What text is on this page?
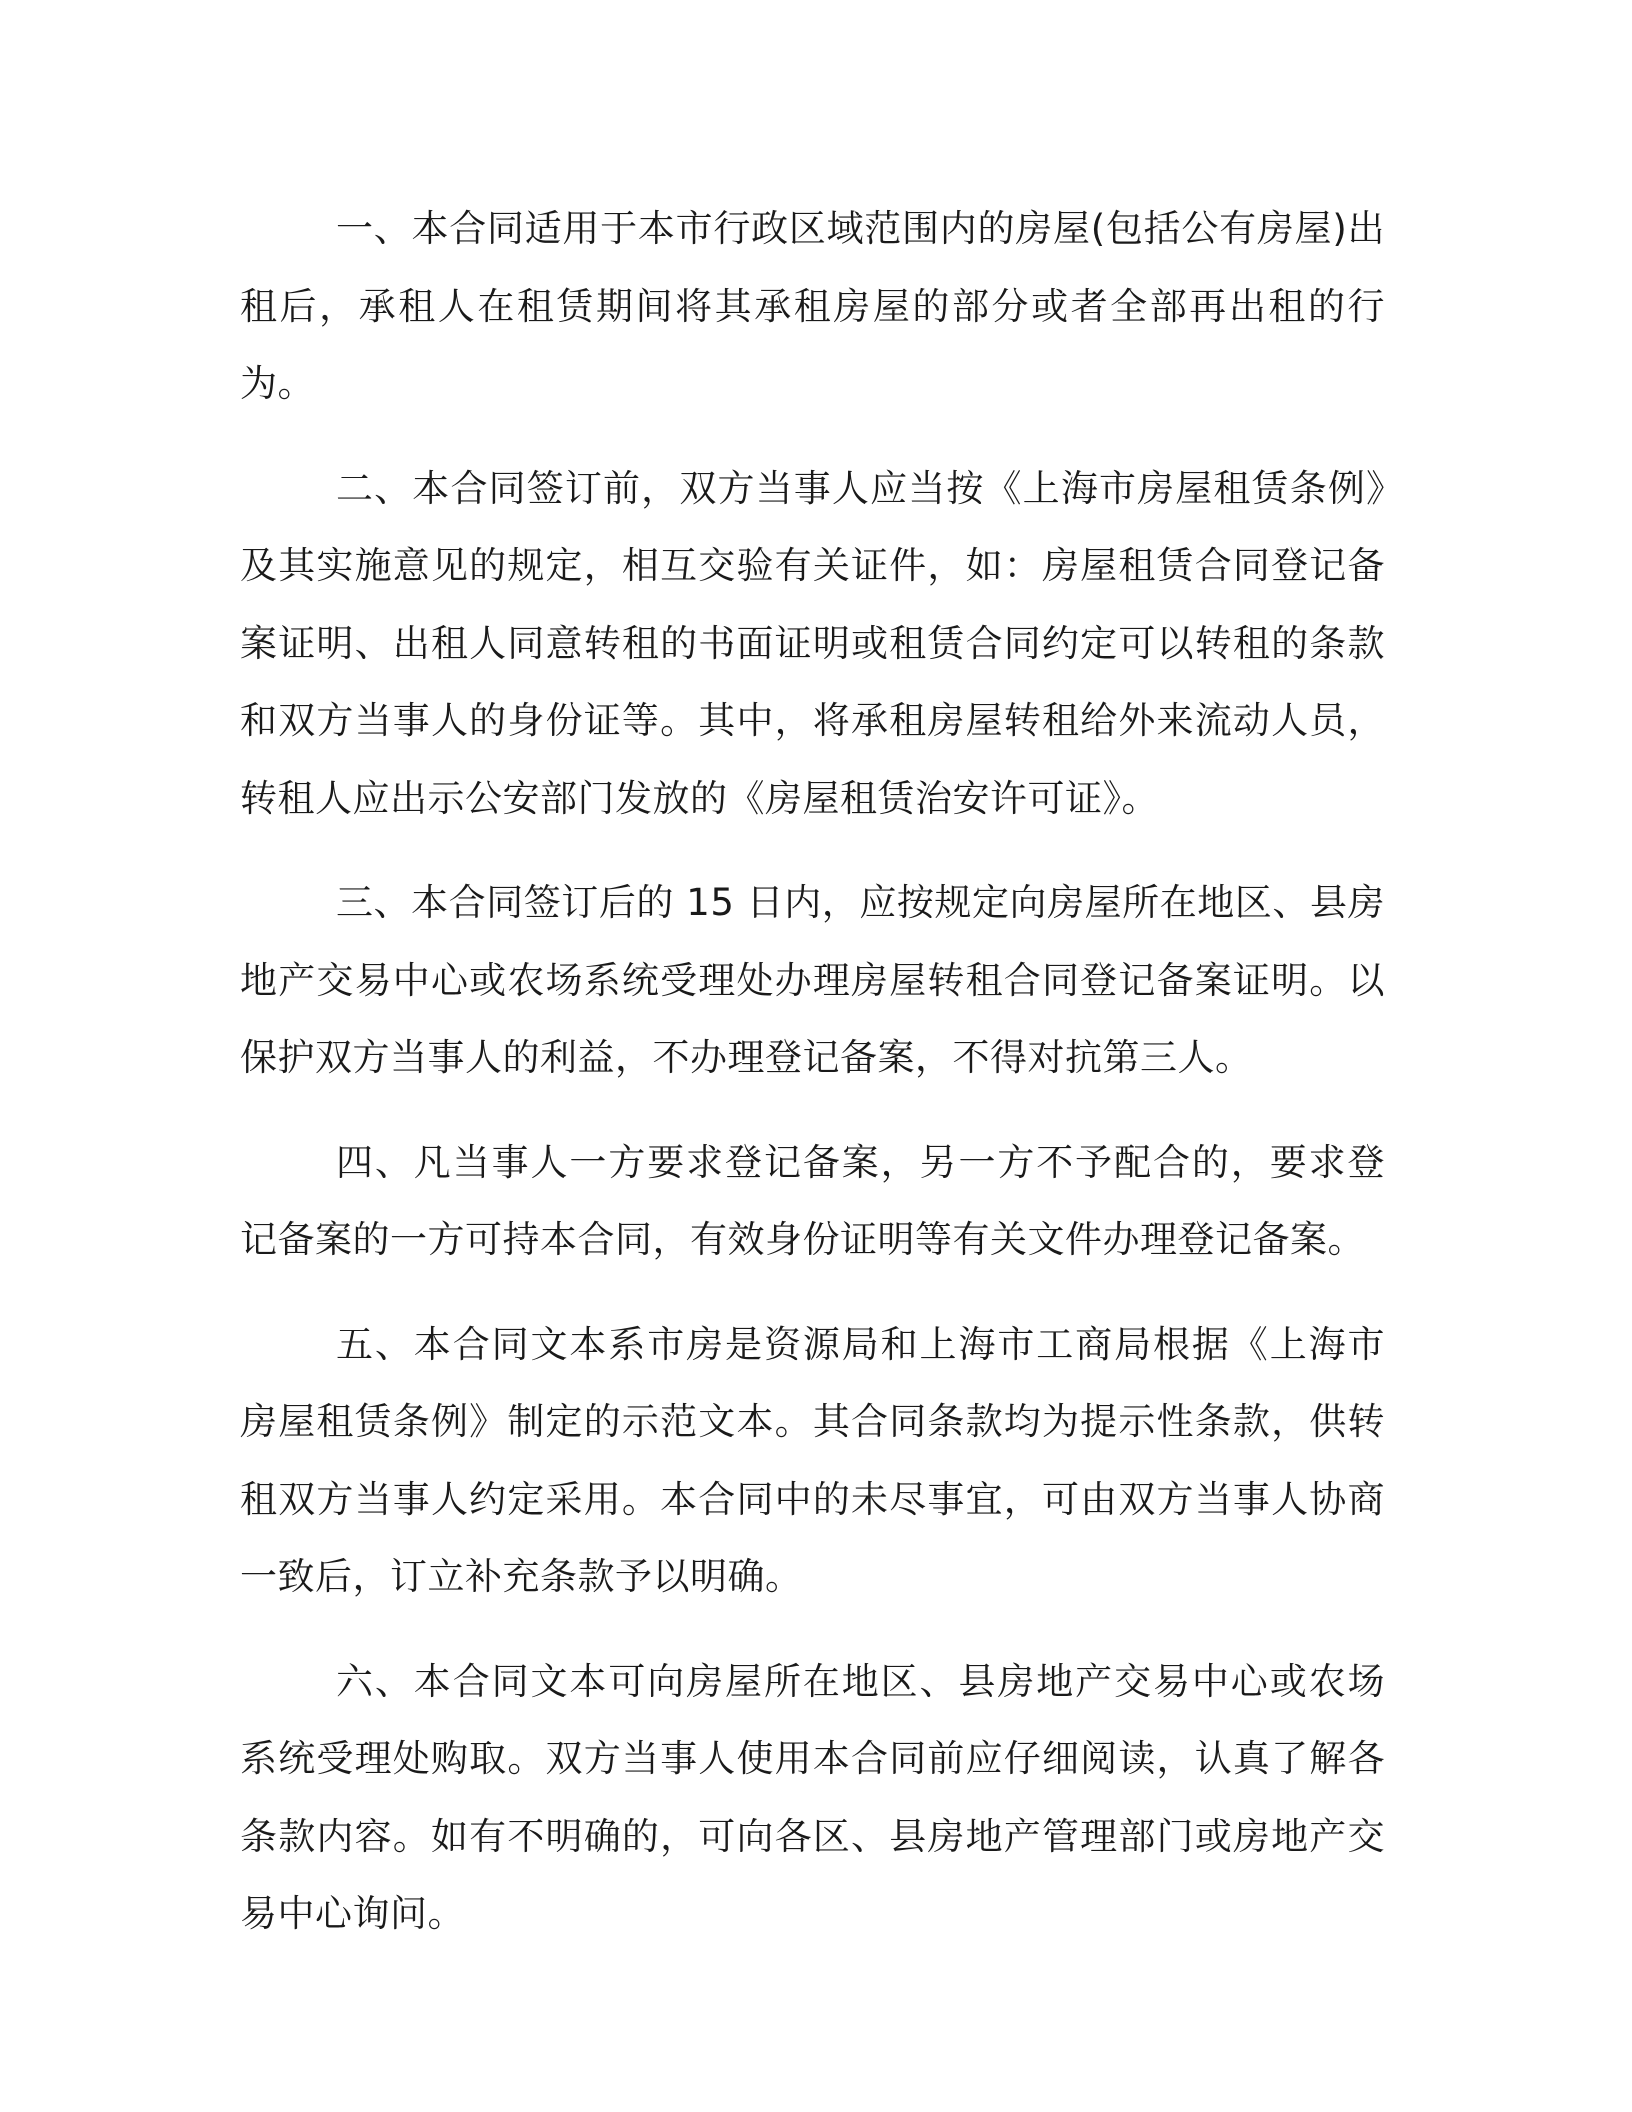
一、本合同适用于本市行政区域范围内的房屋(包括公有房屋)出租后，承租人在租赁期间将其承租房屋的部分或者全部再出租的行为。

二、本合同签订前，双方当事人应当按《上海市房屋租赁条例》及其实施意见的规定，相互交验有关证件，如：房屋租赁合同登记备案证明、出租人同意转租的书面证明或租赁合同约定可以转租的条款和双方当事人的身份证等。其中，将承租房屋转租给外来流动人员，转租人应出示公安部门发放的《房屋租赁治安许可证》。

三、本合同签订后的 15 日内，应按规定向房屋所在地区、县房地产交易中心或农场系统受理处办理房屋转租合同登记备案证明。以保护双方当事人的利益，不办理登记备案，不得对抗第三人。

四、凡当事人一方要求登记备案，另一方不予配合的，要求登记备案的一方可持本合同，有效身份证明等有关文件办理登记备案。

五、本合同文本系市房是资源局和上海市工商局根据《上海市房屋租赁条例》制定的示范文本。其合同条款均为提示性条款，供转租双方当事人约定采用。本合同中的未尽事宜，可由双方当事人协商一致后，订立补充条款予以明确。

六、本合同文本可向房屋所在地区、县房地产交易中心或农场系统受理处购取。双方当事人使用本合同前应仔细阅读，认真了解各条款内容。如有不明确的，可向各区、县房地产管理部门或房地产交易中心询问。
